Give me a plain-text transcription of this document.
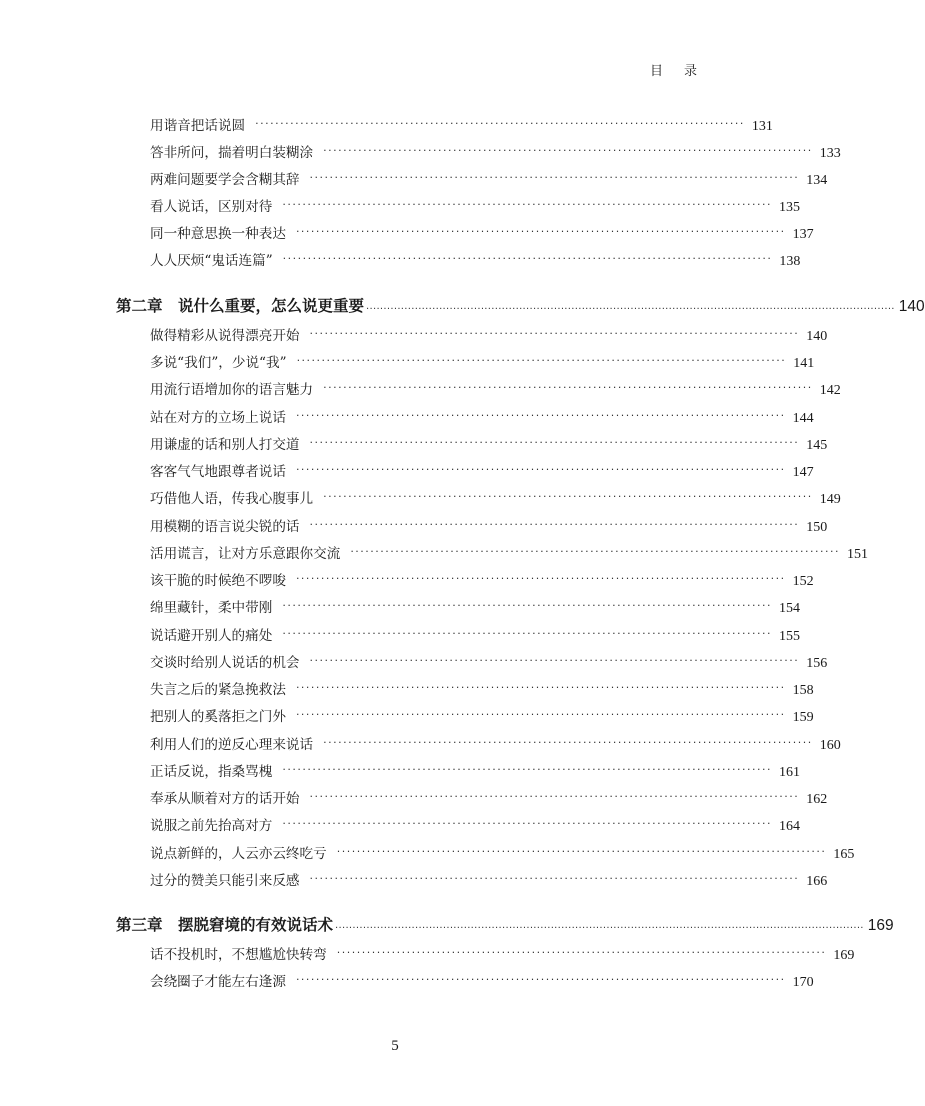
目 录
用谐音把话说圆 ·································································································· 131
答非所问，揣着明白装糊涂 ·································································································· 133
两难问题要学会含糊其辞 ·································································································· 134
看人说话，区别对待 ·································································································· 135
同一种意思换一种表达 ·································································································· 137
人人厌烦“鬼话连篇” ·································································································· 138
第二章　说什么重要，怎么说更重要 ........................................................................................................................................................ 140
做得精彩从说得漂亮开始 ·································································································· 140
多说“我们”，少说“我” ·································································································· 141
用流行语增加你的语言魅力 ·································································································· 142
站在对方的立场上说话 ·································································································· 144
用谦虚的话和别人打交道 ·································································································· 145
客客气气地跟尊者说话 ·································································································· 147
巧借他人语，传我心腹事儿 ·································································································· 149
用模糊的语言说尖锐的话 ·································································································· 150
活用谎言，让对方乐意跟你交流 ·································································································· 151
该干脆的时候绝不啰唆 ·································································································· 152
绵里藏针，柔中带刚 ·································································································· 154
说话避开别人的痛处 ·································································································· 155
交谈时给别人说话的机会 ·································································································· 156
失言之后的紧急挽救法 ·································································································· 158
把别人的奚落拒之门外 ·································································································· 159
利用人们的逆反心理来说话 ·································································································· 160
正话反说，指桑骂槐 ·································································································· 161
奉承从顺着对方的话开始 ·································································································· 162
说服之前先抬高对方 ·································································································· 164
说点新鲜的，人云亦云终吃亏 ·································································································· 165
过分的赞美只能引来反感 ·································································································· 166
第三章　摆脱窘境的有效说话术 ........................................................................................................................................................ 169
话不投机时，不想尴尬快转弯 ·································································································· 169
会绕圈子才能左右逢源 ·································································································· 170
5
